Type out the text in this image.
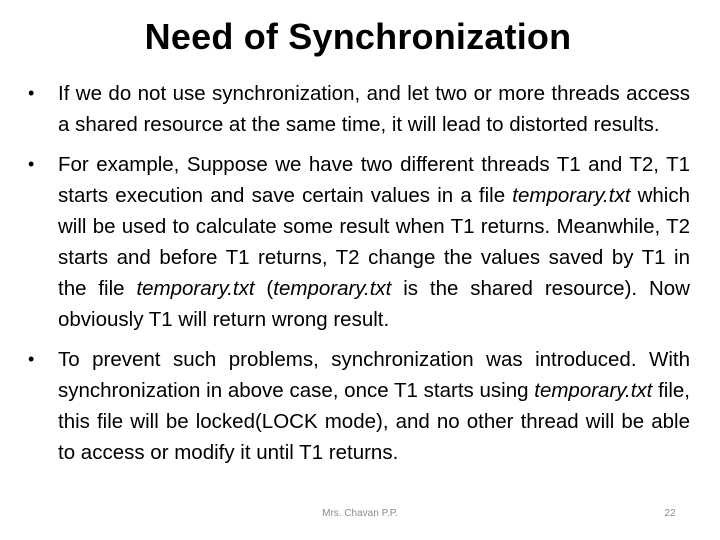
Need of Synchronization
•	If we do not use synchronization, and let two or more threads access a shared resource at the same time, it will lead to distorted results.
•	For example, Suppose we have two different threads T1 and T2, T1 starts execution and save certain values in a file temporary.txt which will be used to calculate some result when T1 returns. Meanwhile, T2 starts and before T1 returns, T2 change the values saved by T1 in the file temporary.txt (temporary.txt is the shared resource). Now obviously T1 will return wrong result.
•	To prevent such problems, synchronization was introduced. With synchronization in above case, once T1 starts using temporary.txt file, this file will be locked(LOCK mode), and no other thread will be able to access or modify it until T1 returns.
Mrs. Chavan P.P.	22
